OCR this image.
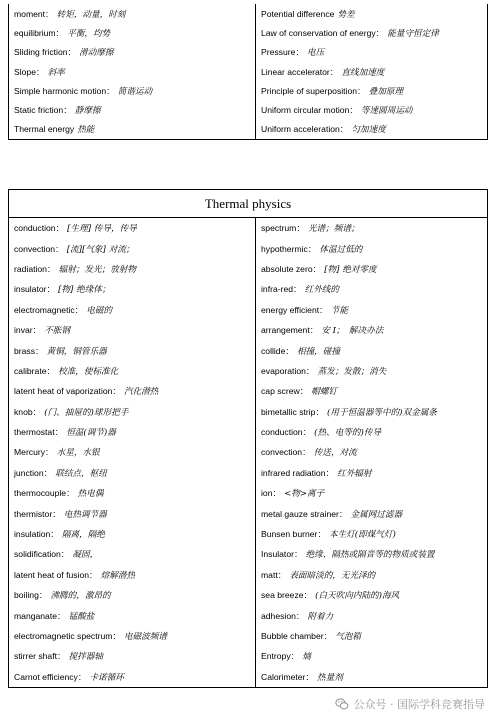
moment： 转矩，动量，时刻	Potential difference 势差
equilibrium： 平衡，均势	Law of conservation of energy： 能量守恒定律
Sliding friction： 滑动摩擦	Pressure： 电压
Slope： 斜率	Linear accelerator： 直线加速度
Simple harmonic motion： 简谐运动	Principle of superposition： 叠加原理
Static friction： 静摩擦	Uniform circular motion： 等速圆周运动
Thermal energy 热能	Uniform acceleration： 匀加速度
Thermal physics	
conduction： [生理] 传导，传导	spectrum： 光谱；频谱；
convection： [流][气象] 对流；	hypothermic： 体温过低的
radiation： 辐射；发光；放射物	absolute zero： [物] 绝对零度
insulator： [物] 绝缘体；	infra-red： 红外线的
electromagnetic： 电磁的	energy efficient： 节能
invar： 不胀钢	arrangement： 安 I；　解决办法
brass： 黄铜，铜管乐器	collide： 相撞，碰撞
calibrate： 校准，使标准化	evaporation： 蒸发；发散；消失
latent heat of vaporization： 汽化潜热	cap screw： 帽螺钉
knob： (门、抽屉的)球形把手	bimetallic strip： (用于恒温器等中的)双金属条
thermostat： 恒温(调节)器	conduction： (热、电等的)传导
Mercury： 水星，水银	convection： 传送，对流
junction： 联结点，枢纽	infrared radiation： 红外辐射
thermocouple： 热电偶	ion： <物>离子
thermistor： 电热调节器	metal gauze strainer： 金属网过滤器
insulation： 隔离，隔绝	Bunsen burner： 本生灯(即煤气灯)
solidification： 凝固，	Insulator： 绝缘、隔热或隔音等的物质或装置
latent heat of fusion： 熔解潜热	matt： 表面暗淡的，无光泽的
boiling： 沸腾的，激昂的	sea breeze： (白天吹向内陆的)海风
manganate： 锰酸盐	adhesion： 附着力
electromagnetic spectrum： 电磁波频谱	Bubble chamber： 气泡箱
stirrer shaft： 搅拌器轴	Entropy： 熵
Carnot efficiency： 卡诺循环	Calorimeter： 热量剂
公众号 · 国际学科竞赛指导
